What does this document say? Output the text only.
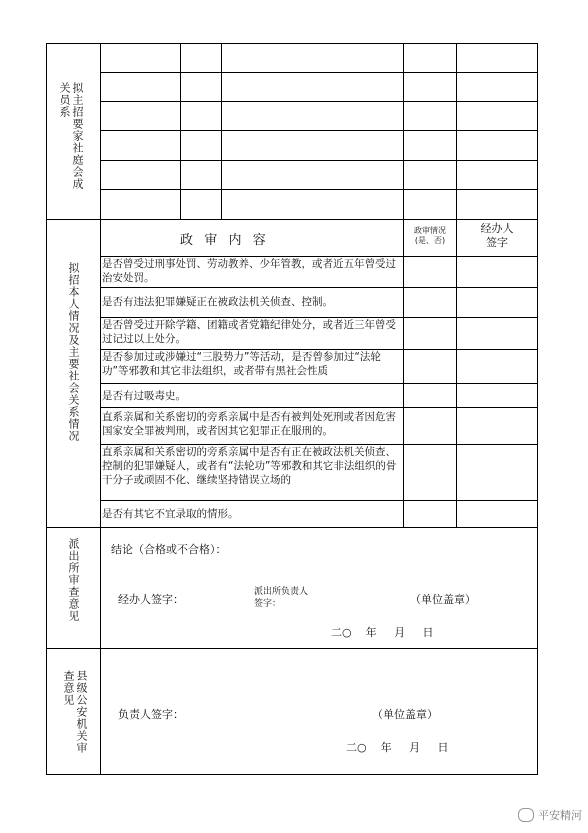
拟主招要家社庭会成关员系
拟招本人情况及主要社会关系情况
派出所审查意见
县级公安机关审查意见
政  审  内  容
政审情况
(是、否)
经办人
签字
是否曾受过刑事处罚、劳动教养、少年管教，或者近五年曾受过治安处罚。
是否有违法犯罪嫌疑正在被政法机关侦查、控制。
是否曾受过开除学籍、团籍或者党籍纪律处分，或者近三年曾受过记过以上处分。
是否参加过或涉嫌过“三股势力”等活动，是否曾参加过“法轮功”等邪教和其它非法组织，或者带有黑社会性质
是否有过吸毒史。
直系亲属和关系密切的旁系亲属中是否有被判处死刑或者因危害国家安全罪被判刑，或者因其它犯罪正在服刑的。
直系亲属和关系密切的旁系亲属中是否有正在被政法机关侦查、控制的犯罪嫌疑人，或者有“法轮功”等邪教和其它非法组织的骨干分子或顽固不化、继续坚持错误立场的
是否有其它不宜录取的情形。
结论（合格或不合格）：
经办人签字：
派出所负责人
签字：	（单位盖章）
二○    年     月     日
负责人签字：	（单位盖章）
二○    年     月     日
平安精河
